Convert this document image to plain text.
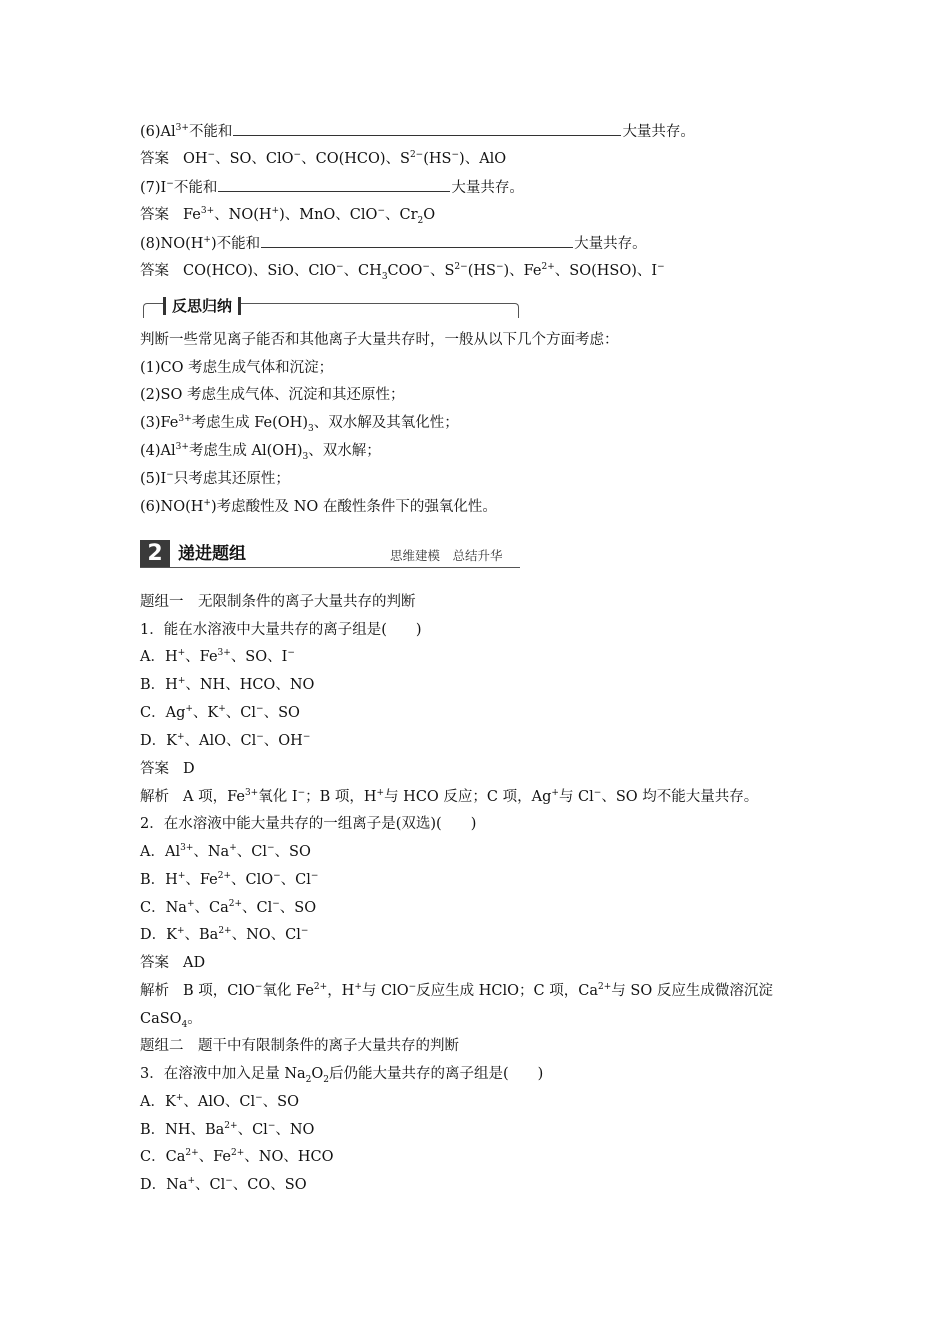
$(6)Al^{3+}$不能和	大量共存。
答案 OH−、SO、ClO−、CO(HCO)、$S^{2-}(HS^-)$、AlO
(7)I−不能和	大量共存。
答案 $Fe^{3+}$、NO(H+)、MnO、ClO−、$Cr_2O$
(8)NO(H+)不能和	大量共存。
答案 CO(HCO)、SiO、ClO−、$CH_3COO^-$、$S^{2-}(HS^-)$、$Fe^{2+}$、SO(HSO)、I−
反思归纳
判断一些常见离子能否和其他离子大量共存时，一般从以下几个方面考虑：
(1)CO 考虑生成气体和沉淀；
(2)SO 考虑生成气体、沉淀和其还原性；
$(3)Fe^{3+}$考虑生成 $Fe(OH)_3$、双水解及其氧化性；
$(4)Al^{3+}$考虑生成 $Al(OH)_3$、双水解；
(5)I−只考虑其还原性；
(6)NO(H+)考虑酸性及 NO 在酸性条件下的强氧化性。
2 递进题组	思维建模　总结升华
题组一　无限制条件的离子大量共存的判断
1．能在水溶液中大量共存的离子组是(　　)
A．H+、$Fe^{3+}$、SO、I−
B．H+、NH、HCO、NO
C．Ag+、K+、Cl−、SO
D．K+、AlO、Cl−、OH−
答案 D
解析 A 项，$Fe^{3+}$氧化 I−；B 项，H+与 HCO 反应；C 项，Ag+与 Cl−、SO 均不能大量共存。
2．在水溶液中能大量共存的一组离子是(双选)(　　)
A．$Al^{3+}$、Na+、Cl−、SO
B．H+、$Fe^{2+}$、ClO−、Cl−
C．Na+、$Ca^{2+}$、Cl−、SO
D．K+、$Ba^{2+}$、NO、Cl−
答案 AD
解析 B 项，ClO−氧化 $Fe^{2+}$，H+与 ClO−反应生成 HClO；C 项，$Ca^{2+}$与 SO 反应生成微溶沉淀
CaSO$_4$。
题组二　题干中有限制条件的离子大量共存的判断
3．在溶液中加入足量 $Na_2O_2$后仍能大量共存的离子组是(　　)
A．K+、AlO、Cl−、SO
B．NH、$Ba^{2+}$、Cl−、NO
C．$Ca^{2+}$、$Fe^{2+}$、NO、HCO
D．Na+、Cl−、CO、SO
